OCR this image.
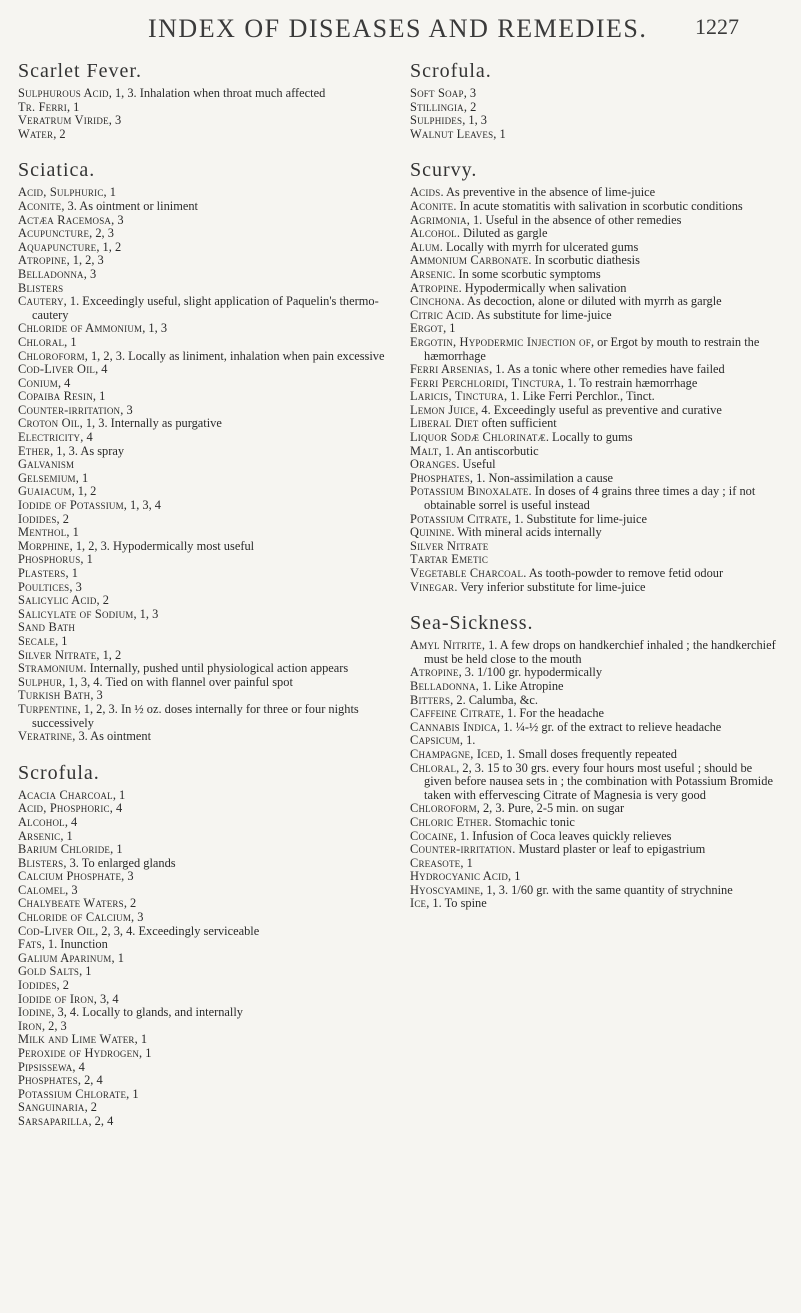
INDEX OF DISEASES AND REMEDIES. 1227
Scarlet Fever.

Sulphurous Acid, 1, 3. Inhalation when throat much affected

Tr. Ferri, 1

Veratrum Viride, 3

Water, 2

Sciatica.

Acid, Sulphuric, 1

Aconite, 3. As ointment or liniment

Actæa Racemosa, 3

Acupuncture, 2, 3

Aquapuncture, 1, 2

Atropine, 1, 2, 3

Belladonna, 3

Blisters

Cautery, 1. Exceedingly useful, slight application of Paquelin's thermo-cautery

Chloride of Ammonium, 1, 3

Chloral, 1

Chloroform, 1, 2, 3. Locally as liniment, inhalation when pain excessive

Cod-Liver Oil, 4

Conium, 4

Copaiba Resin, 1

Counter-irritation, 3

Croton Oil, 1, 3. Internally as purgative

Electricity, 4

Ether, 1, 3. As spray

Galvanism

Gelsemium, 1

Guaiacum, 1, 2

Iodide of Potassium, 1, 3, 4

Iodides, 2

Menthol, 1

Morphine, 1, 2, 3. Hypodermically most useful

Phosphorus, 1

Plasters, 1

Poultices, 3

Salicylic Acid, 2

Salicylate of Sodium, 1, 3

Sand Bath

Secale, 1

Silver Nitrate, 1, 2

Stramonium. Internally, pushed until physiological action appears

Sulphur, 1, 3, 4. Tied on with flannel over painful spot

Turkish Bath, 3

Turpentine, 1, 2, 3. In ½ oz. doses internally for three or four nights successively

Veratrine, 3. As ointment

Scrofula.

Acacia Charcoal, 1

Acid, Phosphoric, 4

Alcohol, 4

Arsenic, 1

Barium Chloride, 1

Blisters, 3. To enlarged glands

Calcium Phosphate, 3

Calomel, 3

Chalybeate Waters, 2

Chloride of Calcium, 3

Cod-Liver Oil, 2, 3, 4. Exceedingly serviceable

Fats, 1. Inunction

Galium Aparinum, 1

Gold Salts, 1

Iodides, 2

Iodide of Iron, 3, 4

Iodine, 3, 4. Locally to glands, and internally

Iron, 2, 3

Milk and Lime Water, 1

Peroxide of Hydrogen, 1

Pipsissewa, 4

Phosphates, 2, 4

Potassium Chlorate, 1

Sanguinaria, 2

Sarsaparilla, 2, 4

Scrofula.

Soft Soap, 3

Stillingia, 2

Sulphides, 1, 3

Walnut Leaves, 1

Scurvy.

Acids. As preventive in the absence of lime-juice

Aconite. In acute stomatitis with salivation in scorbutic conditions

Agrimonia, 1. Useful in the absence of other remedies

Alcohol. Diluted as gargle

Alum. Locally with myrrh for ulcerated gums

Ammonium Carbonate. In scorbutic diathesis

Arsenic. In some scorbutic symptoms

Atropine. Hypodermically when salivation

Cinchona. As decoction, alone or diluted with myrrh as gargle

Citric Acid. As substitute for lime-juice

Ergot, 1

Ergotin, Hypodermic Injection of, or Ergot by mouth to restrain the hæmorrhage

Ferri Arsenias, 1. As a tonic where other remedies have failed

Ferri Perchloridi, Tinctura, 1. To restrain hæmorrhage

Laricis, Tinctura, 1. Like Ferri Perchlor., Tinct.

Lemon Juice, 4. Exceedingly useful as preventive and curative

Liberal Diet often sufficient

Liquor Sodæ Chlorinatæ. Locally to gums

Malt, 1. An antiscorbutic

Oranges. Useful

Phosphates, 1. Non-assimilation a cause

Potassium Binoxalate. In doses of 4 grains three times a day ; if not obtainable sorrel is useful instead

Potassium Citrate, 1. Substitute for lime-juice

Quinine. With mineral acids internally

Silver Nitrate

Tartar Emetic

Vegetable Charcoal. As tooth-powder to remove fetid odour

Vinegar. Very inferior substitute for lime-juice

Sea-Sickness.

Amyl Nitrite, 1. A few drops on handkerchief inhaled ; the handkerchief must be held close to the mouth

Atropine, 3. 1/100 gr. hypodermically

Belladonna, 1. Like Atropine

Bitters, 2. Calumba, &c.

Caffeine Citrate, 1. For the headache

Cannabis Indica, 1. ¼-½ gr. of the extract to relieve headache

Capsicum, 1.

Champagne, Iced, 1. Small doses frequently repeated

Chloral, 2, 3. 15 to 30 grs. every four hours most useful ; should be given before nausea sets in ; the combination with Potassium Bromide taken with effervescing Citrate of Magnesia is very good

Chloroform, 2, 3. Pure, 2-5 min. on sugar

Chloric Ether. Stomachic tonic

Cocaine, 1. Infusion of Coca leaves quickly relieves

Counter-irritation. Mustard plaster or leaf to epigastrium

Creasote, 1

Hydrocyanic Acid, 1

Hyoscyamine, 1, 3. 1/60 gr. with the same quantity of strychnine

Ice, 1. To spine
